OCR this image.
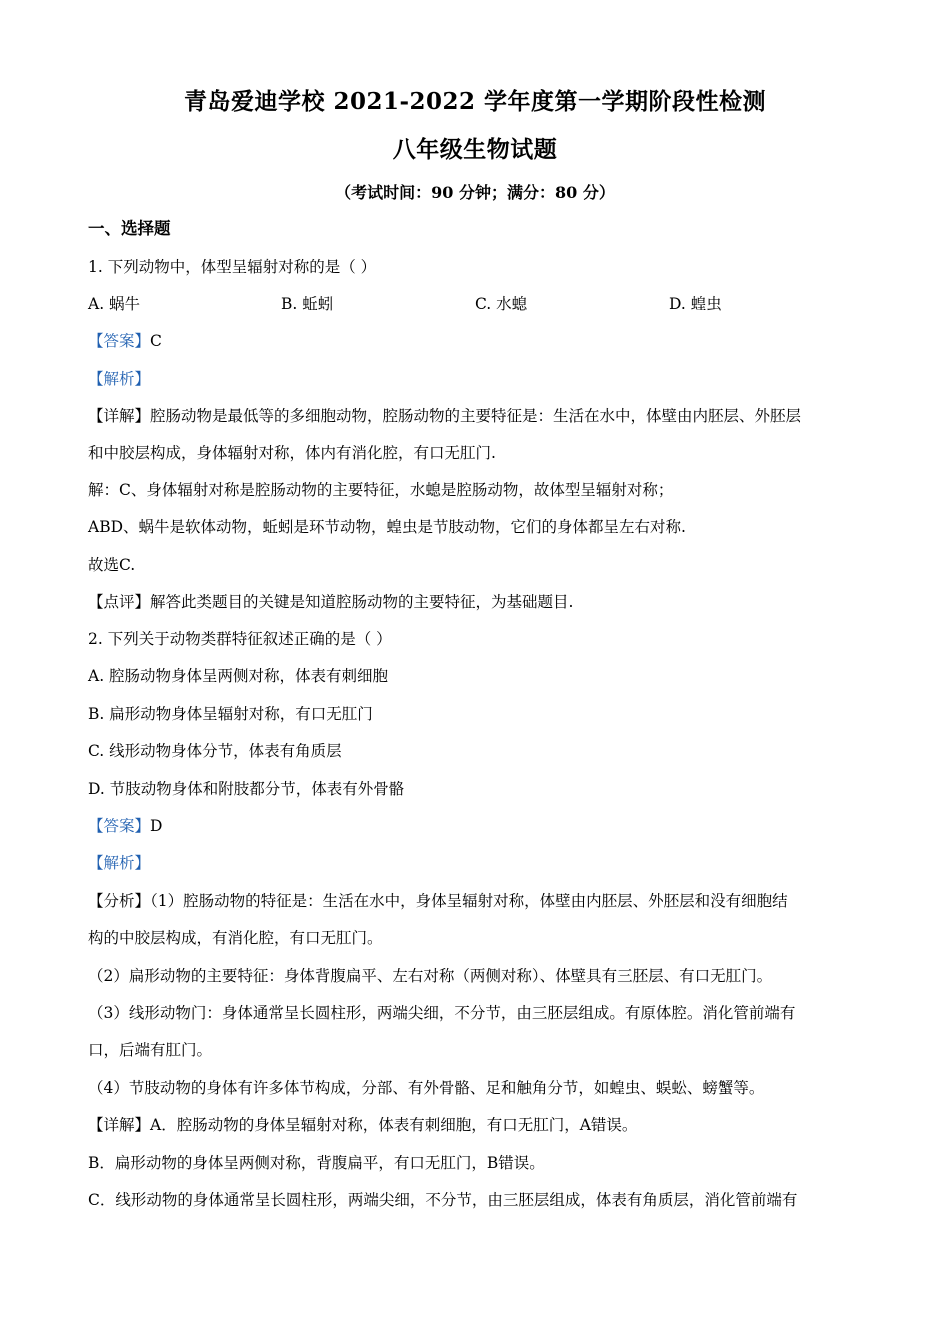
青岛爱迪学校 2021-2022 学年度第一学期阶段性检测
八年级生物试题
（考试时间：90 分钟；满分：80 分）
一、选择题
1. 下列动物中，体型呈辐射对称的是（ ）
A. 蜗牛	B. 蚯蚓	C. 水螅	D. 蝗虫
【答案】C
【解析】
【详解】腔肠动物是最低等的多细胞动物，腔肠动物的主要特征是：生活在水中，体壁由内胚层、外胚层
和中胶层构成，身体辐射对称，体内有消化腔，有口无肛门.
解：C、身体辐射对称是腔肠动物的主要特征，水螅是腔肠动物，故体型呈辐射对称；
ABD、蜗牛是软体动物，蚯蚓是环节动物，蝗虫是节肢动物，它们的身体都呈左右对称.
故选C.
【点评】解答此类题目的关键是知道腔肠动物的主要特征，为基础题目.
2. 下列关于动物类群特征叙述正确的是（ ）
A. 腔肠动物身体呈两侧对称，体表有刺细胞
B. 扁形动物身体呈辐射对称，有口无肛门
C. 线形动物身体分节，体表有角质层
D. 节肢动物身体和附肢都分节，体表有外骨骼
【答案】D
【解析】
【分析】（1）腔肠动物的特征是：生活在水中，身体呈辐射对称，体壁由内胚层、外胚层和没有细胞结
构的中胶层构成，有消化腔，有口无肛门。
（2）扁形动物的主要特征：身体背腹扁平、左右对称（两侧对称）、体壁具有三胚层、有口无肛门。
（3）线形动物门：身体通常呈长圆柱形，两端尖细，不分节，由三胚层组成。有原体腔。消化管前端有
口，后端有肛门。
（4）节肢动物的身体有许多体节构成，分部、有外骨骼、足和触角分节，如蝗虫、蜈蚣、螃蟹等。
【详解】A．腔肠动物的身体呈辐射对称，体表有刺细胞，有口无肛门，A错误。
B．扁形动物的身体呈两侧对称，背腹扁平，有口无肛门，B错误。
C．线形动物的身体通常呈长圆柱形，两端尖细，不分节，由三胚层组成，体表有角质层，消化管前端有
